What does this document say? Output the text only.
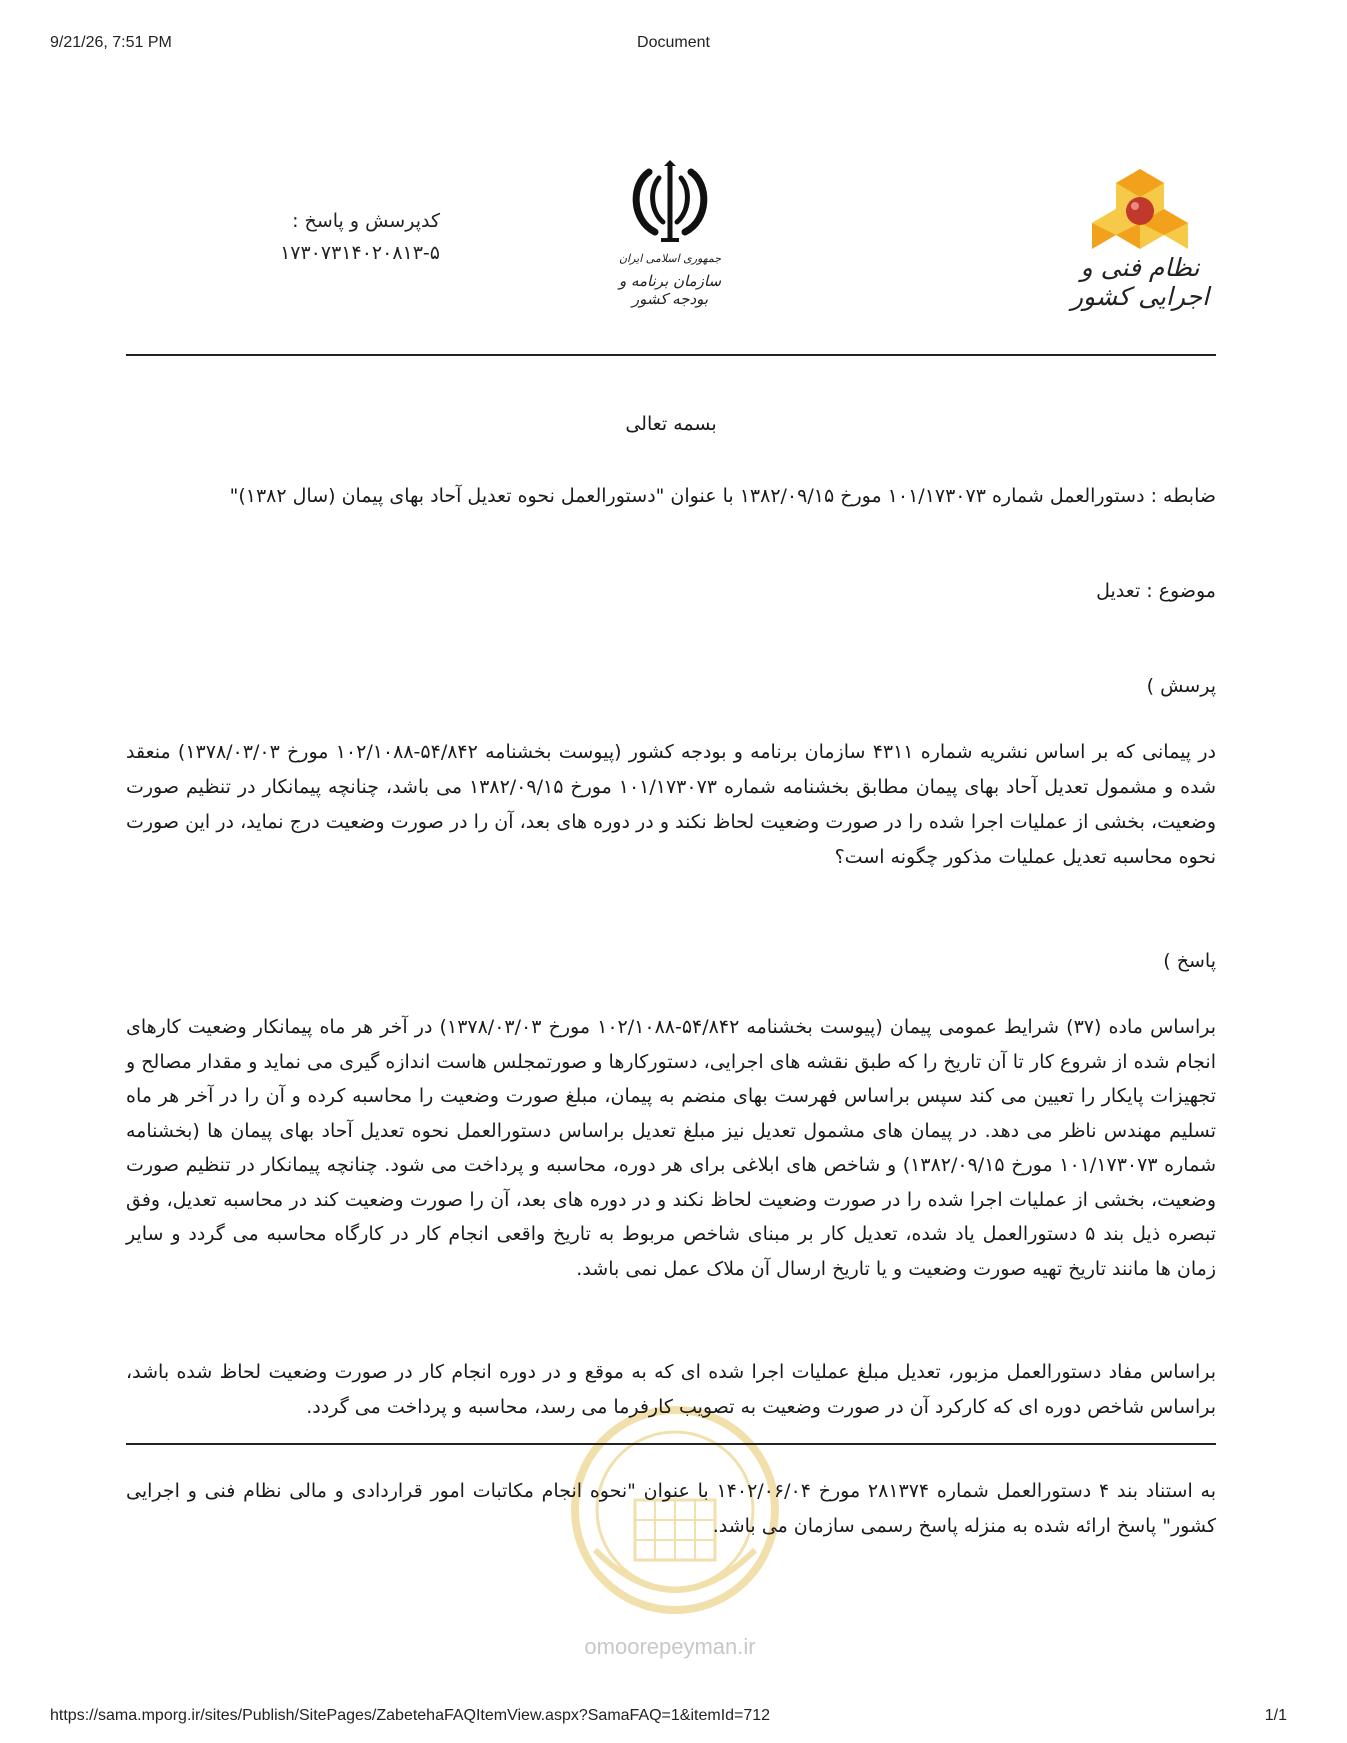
9/21/26, 7:51 PM	Document
نظام فنی و اجرایی کشور
جمهوری اسلامی ایران
سازمان برنامه و بودجه کشور
کدپرسش و پاسخ :
۱۷۳۰۷۳۱۴۰۲۰۸۱۳-۵
omoorepeyman.ir
بسمه تعالی
ضابطه : دستورالعمل شماره ۱۰۱/۱۷۳۰۷۳ مورخ ۱۳۸۲/۰۹/۱۵ با عنوان "دستورالعمل نحوه تعدیل آحاد بهای پیمان (سال ۱۳۸۲)"
موضوع : تعدیل
پرسش )
در پیمانی که بر اساس نشریه شماره ۴۳۱۱ سازمان برنامه و بودجه کشور (پیوست بخشنامه ۵۴/۸۴۲-۱۰۲/۱۰۸۸ مورخ ۱۳۷۸/۰۳/۰۳) منعقد شده و مشمول تعدیل آحاد بهای پیمان مطابق بخشنامه شماره ۱۰۱/۱۷۳۰۷۳ مورخ ۱۳۸۲/۰۹/۱۵ می باشد، چنانچه پیمانکار در تنظیم صورت وضعیت، بخشی از عملیات اجرا شده را در صورت وضعیت لحاظ نکند و در دوره های بعد، آن را در صورت وضعیت درج نماید، در این صورت نحوه محاسبه تعدیل عملیات مذکور چگونه است؟
پاسخ )
براساس ماده (۳۷) شرایط عمومی پیمان (پیوست بخشنامه ۵۴/۸۴۲-۱۰۲/۱۰۸۸ مورخ ۱۳۷۸/۰۳/۰۳) در آخر هر ماه پیمانکار وضعیت کارهای انجام شده از شروع کار تا آن تاریخ را که طبق نقشه های اجرایی، دستورکارها و صورتمجلس هاست اندازه گیری می نماید و مقدار مصالح و تجهیزات پایکار را تعیین می کند سپس براساس فهرست بهای منضم به پیمان، مبلغ صورت وضعیت را محاسبه کرده و آن را در آخر هر ماه تسلیم مهندس ناظر می دهد. در پیمان های مشمول تعدیل نیز مبلغ تعدیل براساس دستورالعمل نحوه تعدیل آحاد بهای پیمان ها (بخشنامه شماره ۱۰۱/۱۷۳۰۷۳ مورخ ۱۳۸۲/۰۹/۱۵) و شاخص های ابلاغی برای هر دوره، محاسبه و پرداخت می شود. چنانچه پیمانکار در تنظیم صورت وضعیت، بخشی از عملیات اجرا شده را در صورت وضعیت لحاظ نکند و در دوره های بعد، آن را صورت وضعیت کند در محاسبه تعدیل، وفق تبصره ذیل بند ۵ دستورالعمل یاد شده، تعدیل کار بر مبنای شاخص مربوط به تاریخ واقعی انجام کار در کارگاه محاسبه می گردد و سایر زمان ها مانند تاریخ تهیه صورت وضعیت و یا تاریخ ارسال آن ملاک عمل نمی باشد.
براساس مفاد دستورالعمل مزبور، تعدیل مبلغ عملیات اجرا شده ای که به موقع و در دوره انجام کار در صورت وضعیت لحاظ شده باشد، براساس شاخص دوره ای که کارکرد آن در صورت وضعیت به تصویب کارفرما می رسد، محاسبه و پرداخت می گردد.
به استناد بند ۴ دستورالعمل شماره ۲۸۱۳۷۴ مورخ ۱۴۰۲/۰۶/۰۴ با عنوان "نحوه انجام مکاتبات امور قراردادی و مالی نظام فنی و اجرایی کشور" پاسخ ارائه شده به منزله پاسخ رسمی سازمان می باشد.
https://sama.mporg.ir/sites/Publish/SitePages/ZabetehaFAQItemView.aspx?SamaFAQ=1&itemId=712	1/1
